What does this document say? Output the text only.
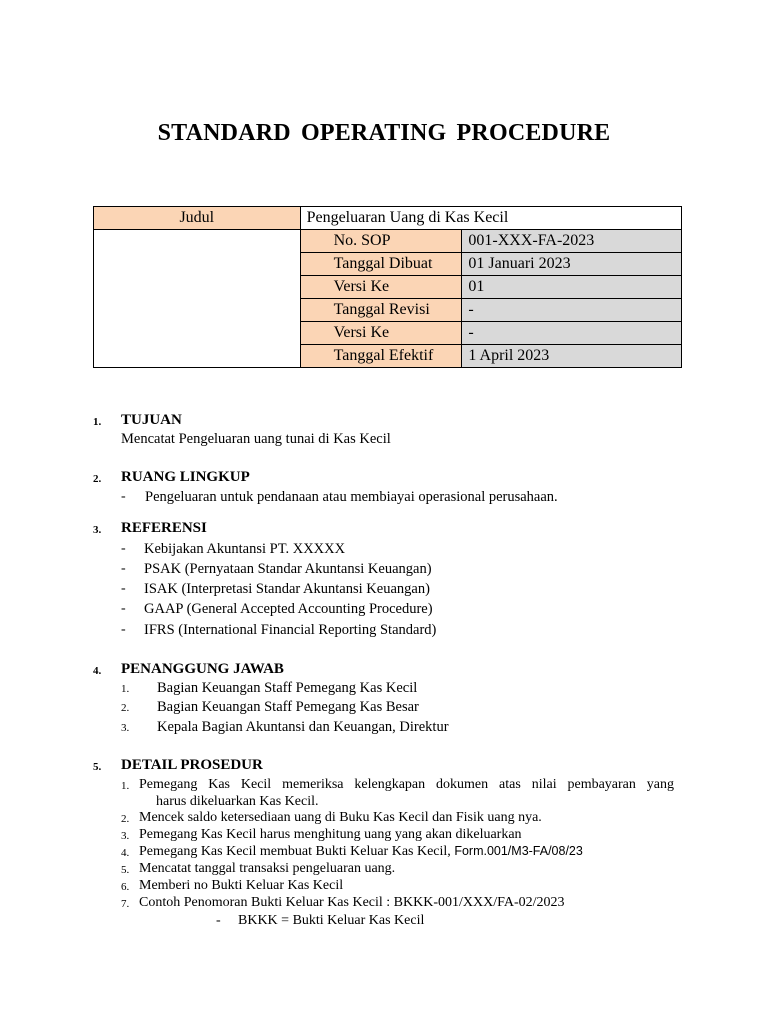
STANDARD OPERATING PROCEDURE
Judul	Pengeluaran Uang di Kas Kecil	
	No. SOP	001-XXX-FA-2023
	Tanggal Dibuat	01 Januari 2023
	Versi Ke	01
	Tanggal Revisi	-
	Versi Ke	-
	Tanggal Efektif	1 April 2023
1. TUJUAN
Mencatat Pengeluaran uang tunai di Kas Kecil
2. RUANG LINGKUP
- Pengeluaran untuk pendanaan atau membiayai operasional perusahaan.
3. REFERENSI
- Kebijakan Akuntansi PT. XXXXX
- PSAK (Pernyataan Standar Akuntansi Keuangan)
- ISAK (Interpretasi Standar Akuntansi Keuangan)
- GAAP (General Accepted Accounting Procedure)
- IFRS (International Financial Reporting Standard)
4. PENANGGUNG JAWAB
1. Bagian Keuangan Staff Pemegang Kas Kecil
2. Bagian Keuangan Staff Pemegang Kas Besar
3. Kepala Bagian Akuntansi dan Keuangan, Direktur
5. DETAIL PROSEDUR
1. Pemegang Kas Kecil memeriksa kelengkapan dokumen atas nilai pembayaran yang
harus dikeluarkan Kas Kecil.
2. Mencek saldo ketersediaan uang di Buku Kas Kecil dan Fisik uang nya.
3. Pemegang Kas Kecil harus menghitung uang yang akan dikeluarkan
4. Pemegang Kas Kecil membuat Bukti Keluar Kas Kecil, Form.001/M3-FA/08/23
5. Mencatat tanggal transaksi pengeluaran uang.
6. Memberi no Bukti Keluar Kas Kecil
7. Contoh Penomoran Bukti Keluar Kas Kecil : BKKK-001/XXX/FA-02/2023
- BKKK = Bukti Keluar Kas Kecil
